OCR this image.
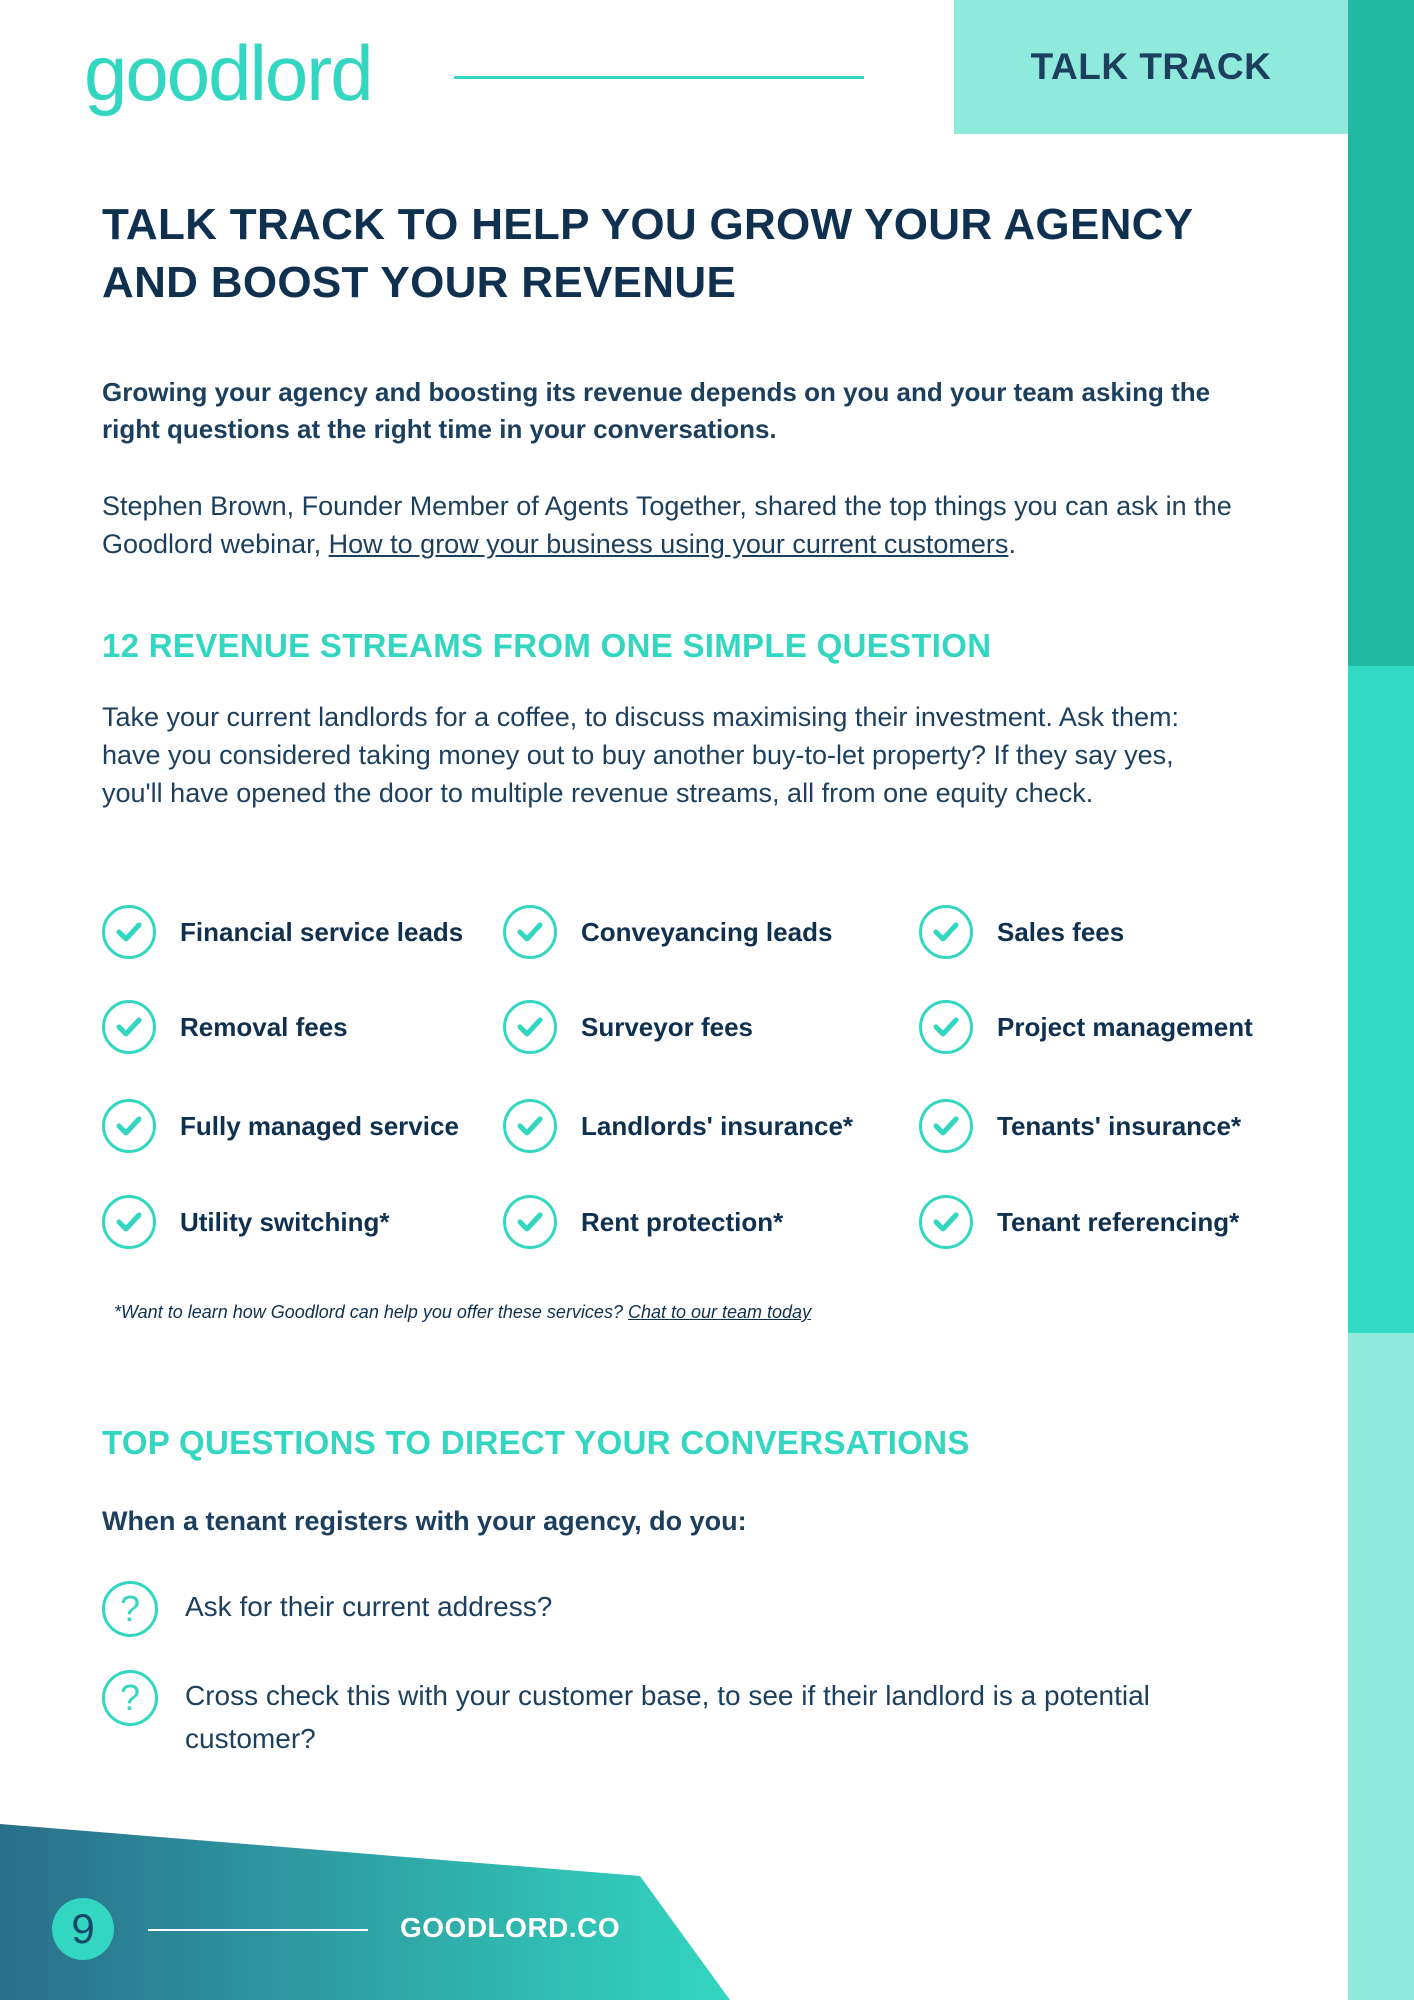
goodlord	TALK TRACK
TALK TRACK TO HELP YOU GROW YOUR AGENCY AND BOOST YOUR REVENUE

Growing your agency and boosting its revenue depends on you and your team asking the right questions at the right time in your conversations.

Stephen Brown, Founder Member of Agents Together, shared the top things you can ask in the Goodlord webinar, How to grow your business using your current customers.

12 REVENUE STREAMS FROM ONE SIMPLE QUESTION

Take your current landlords for a coffee, to discuss maximising their investment. Ask them: have you considered taking money out to buy another buy-to-let property? If they say yes, you'll have opened the door to multiple revenue streams, all from one equity check.

Financial service leads	Conveyancing leads	Sales fees
Removal fees	Surveyor fees	Project management
Fully managed service	Landlords' insurance*	Tenants' insurance*
Utility switching*	Rent protection*	Tenant referencing*

*Want to learn how Goodlord can help you offer these services? Chat to our team today

TOP QUESTIONS TO DIRECT YOUR CONVERSATIONS

When a tenant registers with your agency, do you:

?	Ask for their current address?
?	Cross check this with your customer base, to see if their landlord is a potential customer?
9	GOODLORD.CO
